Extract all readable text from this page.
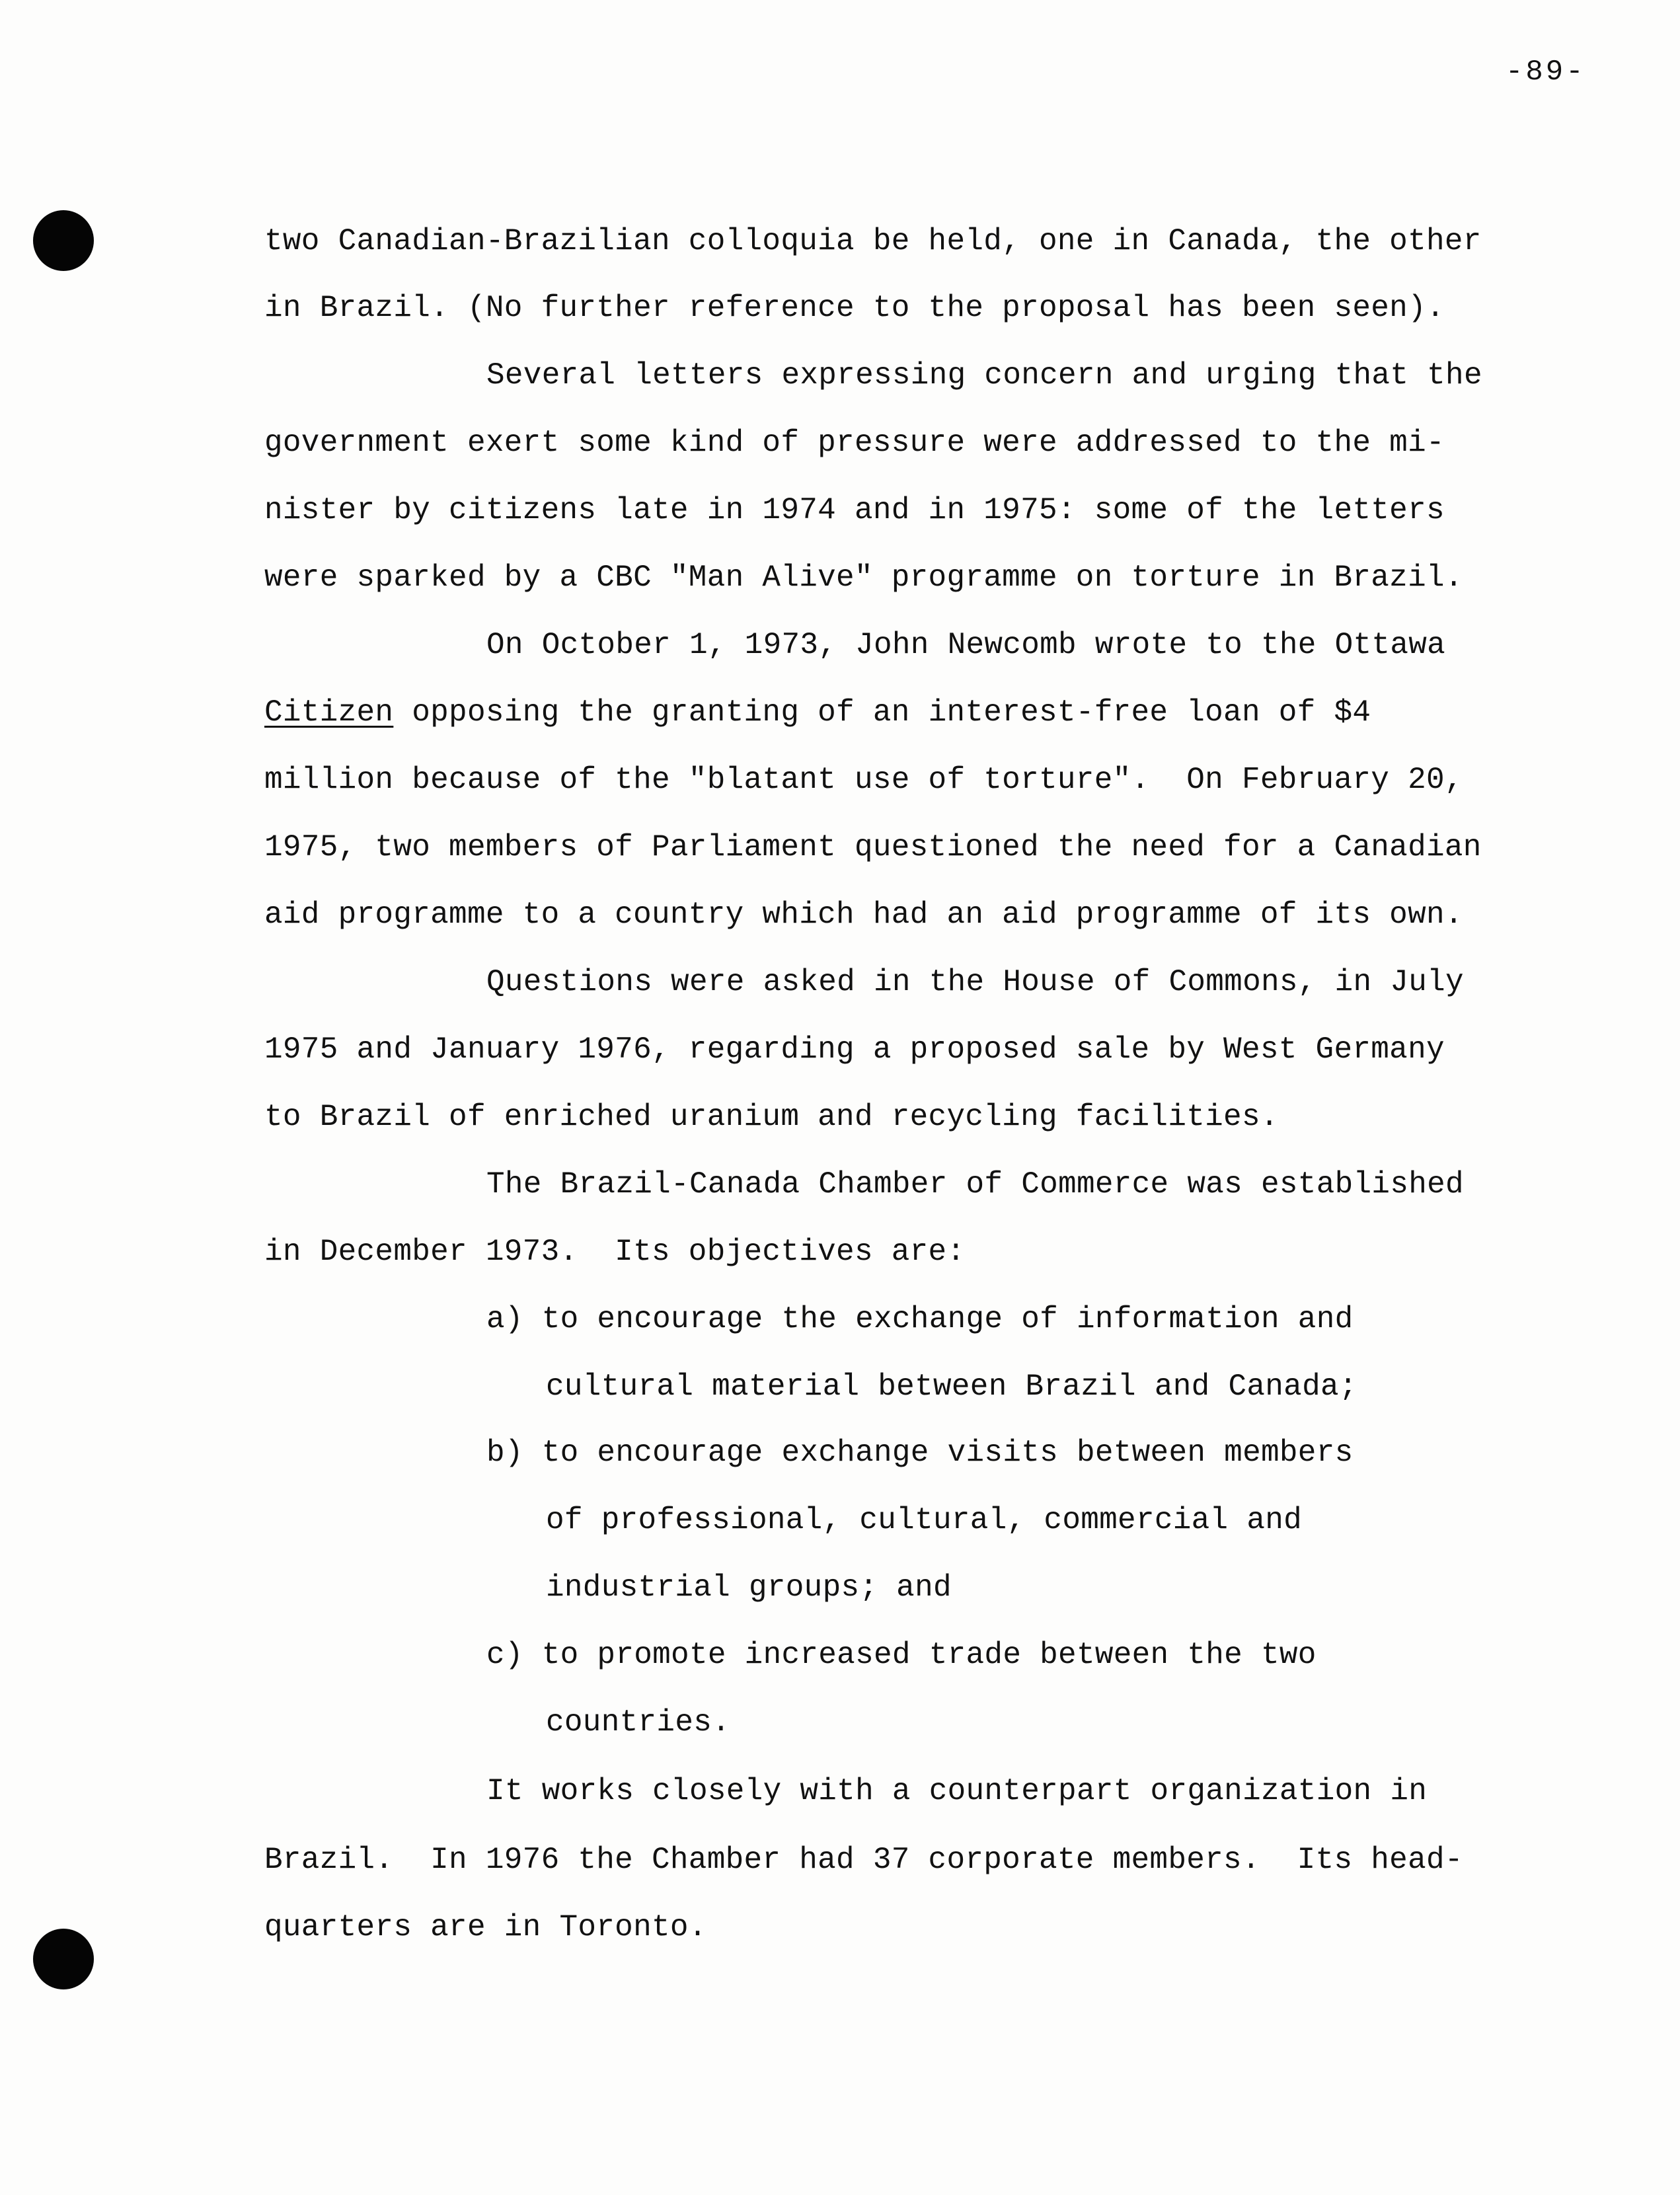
-89-
two Canadian-Brazilian colloquia be held, one in Canada, the other
in Brazil. (No further reference to the proposal has been seen).
Several letters expressing concern and urging that the
government exert some kind of pressure were addressed to the mi-
nister by citizens late in 1974 and in 1975: some of the letters
were sparked by a CBC "Man Alive" programme on torture in Brazil.
On October 1, 1973, John Newcomb wrote to the Ottawa
Citizen opposing the granting of an interest-free loan of $4
million because of the "blatant use of torture".  On February 20,
1975, two members of Parliament questioned the need for a Canadian
aid programme to a country which had an aid programme of its own.
Questions were asked in the House of Commons, in July
1975 and January 1976, regarding a proposed sale by West Germany
to Brazil of enriched uranium and recycling facilities.
The Brazil-Canada Chamber of Commerce was established
in December 1973.  Its objectives are:
a) to encourage the exchange of information and
cultural material between Brazil and Canada;
b) to encourage exchange visits between members
of professional, cultural, commercial and
industrial groups; and
c) to promote increased trade between the two
countries.
It works closely with a counterpart organization in
Brazil.  In 1976 the Chamber had 37 corporate members.  Its head-
quarters are in Toronto.
